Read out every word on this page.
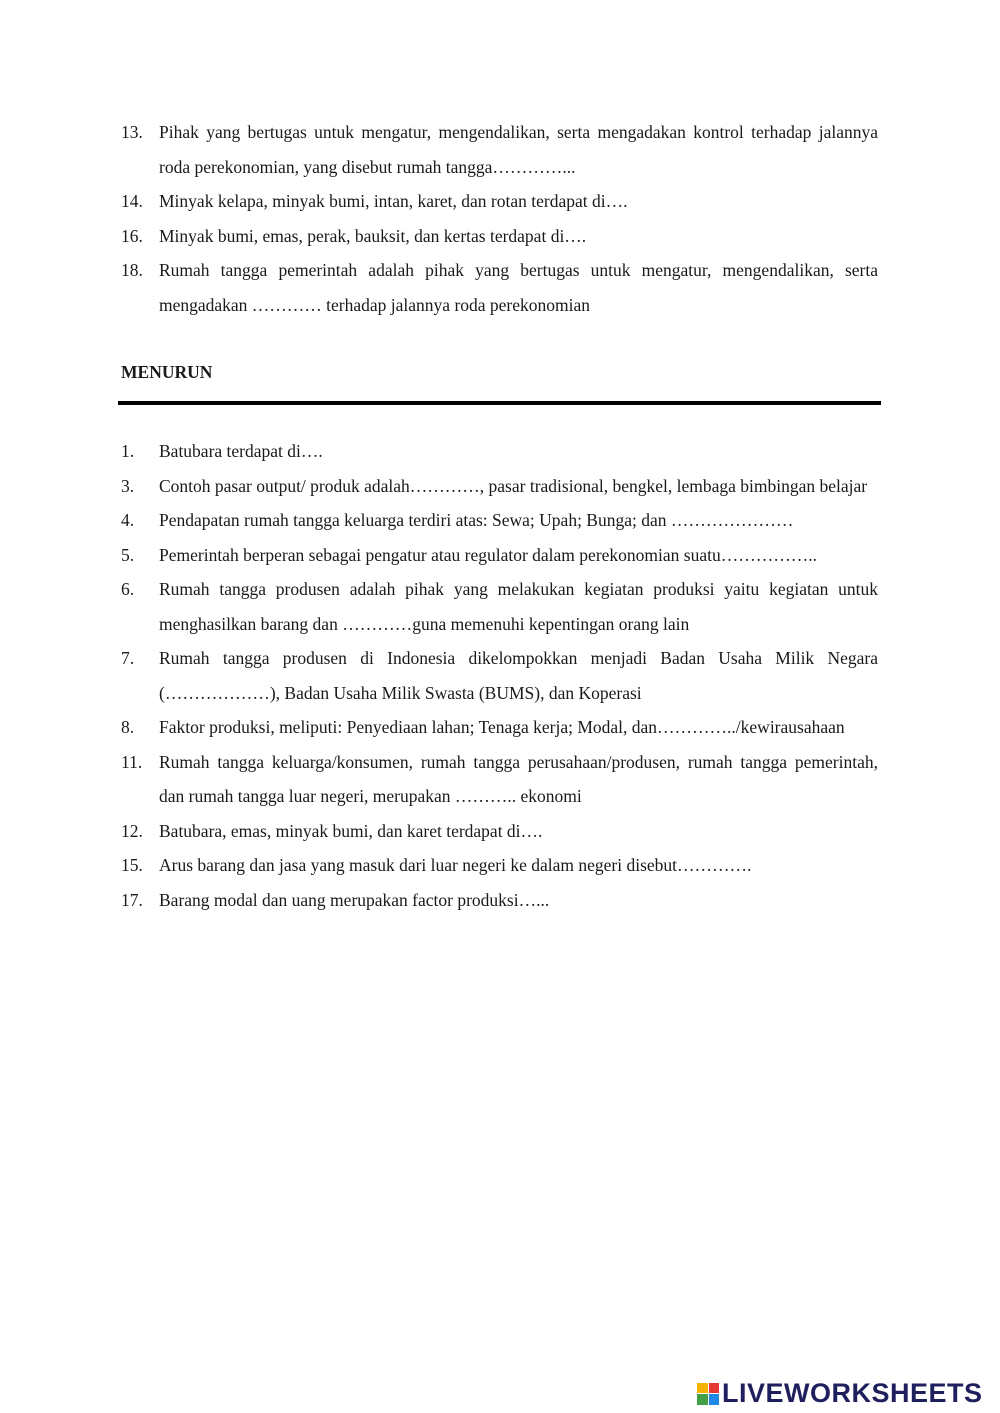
13. Pihak yang bertugas untuk mengatur, mengendalikan, serta mengadakan kontrol terhadap jalannya roda perekonomian, yang disebut rumah tangga…………...
14. Minyak kelapa, minyak bumi, intan, karet, dan rotan terdapat di….
16. Minyak bumi, emas, perak, bauksit, dan kertas terdapat di….
18. Rumah tangga pemerintah adalah pihak yang bertugas untuk mengatur, mengendalikan, serta mengadakan ………… terhadap jalannya roda perekonomian
MENURUN
1.	Batubara terdapat di….
3.	Contoh pasar output/ produk adalah…………, pasar tradisional, bengkel, lembaga bimbingan belajar
4.	Pendapatan rumah tangga keluarga terdiri atas: Sewa; Upah; Bunga; dan …………………
5.	Pemerintah berperan sebagai pengatur atau regulator dalam perekonomian suatu……………..
6.	Rumah tangga produsen adalah pihak yang melakukan kegiatan produksi yaitu kegiatan untuk menghasilkan barang dan …………guna memenuhi kepentingan orang lain
7.	Rumah tangga produsen di Indonesia dikelompokkan menjadi Badan Usaha Milik Negara (………………), Badan Usaha Milik Swasta (BUMS), dan Koperasi
8.	Faktor produksi, meliputi: Penyediaan lahan; Tenaga kerja; Modal, dan…………../kewirausahaan
11. Rumah tangga keluarga/konsumen, rumah tangga perusahaan/produsen, rumah tangga pemerintah, dan rumah tangga luar negeri, merupakan ……….. ekonomi
12. Batubara, emas, minyak bumi, dan karet terdapat di….
15. Arus barang dan jasa yang masuk dari luar negeri ke dalam negeri disebut………….
17. Barang modal dan uang merupakan factor produksi…...
LIVEWORKSHEETS
